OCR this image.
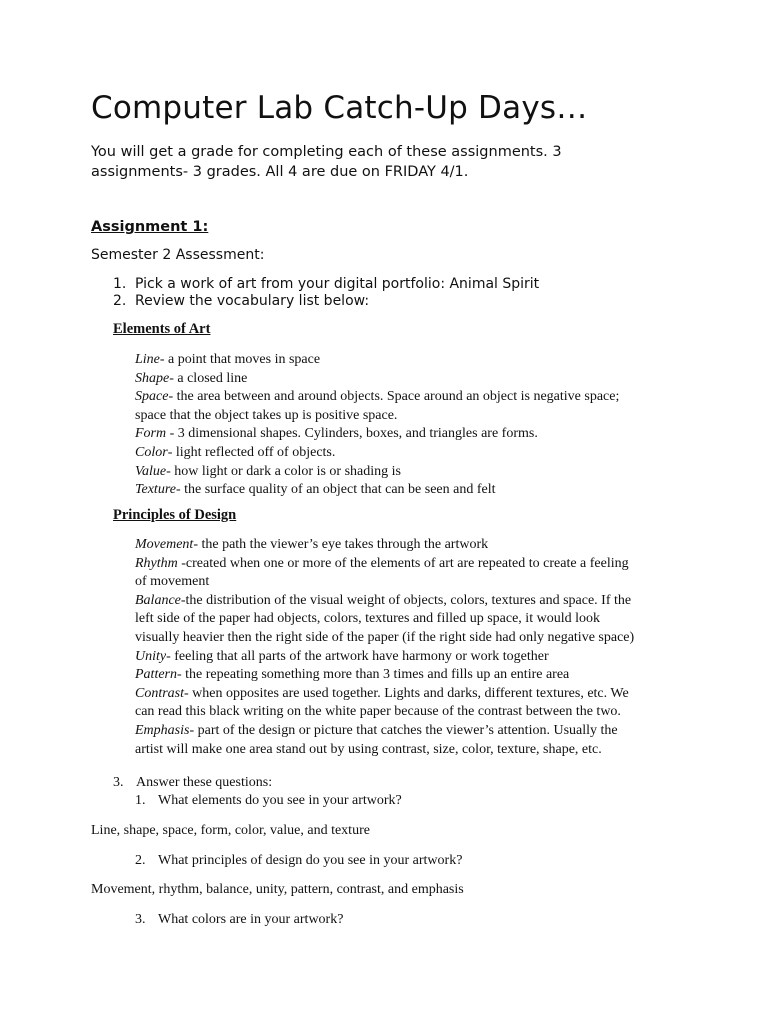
Computer Lab Catch-Up Days…
You will get a grade for completing each of these assignments. 3
assignments- 3 grades. All 4 are due on FRIDAY 4/1.
Assignment 1:
Semester 2 Assessment:
1. Pick a work of art from your digital portfolio: Animal Spirit
2. Review the vocabulary list below:
Elements of Art
Line- a point that moves in space
Shape- a closed line
Space- the area between and around objects. Space around an object is negative space;
space that the object takes up is positive space.
Form - 3 dimensional shapes. Cylinders, boxes, and triangles are forms.
Color- light reflected off of objects.
Value- how light or dark a color is or shading is
Texture- the surface quality of an object that can be seen and felt
Principles of Design
Movement- the path the viewer’s eye takes through the artwork
Rhythm -created when one or more of the elements of art are repeated to create a feeling
of movement
Balance-the distribution of the visual weight of objects, colors, textures and space. If the
left side of the paper had objects, colors, textures and filled up space, it would look
visually heavier then the right side of the paper (if the right side had only negative space)
Unity- feeling that all parts of the artwork have harmony or work together
Pattern- the repeating something more than 3 times and fills up an entire area
Contrast- when opposites are used together. Lights and darks, different textures, etc. We
can read this black writing on the white paper because of the contrast between the two.
Emphasis- part of the design or picture that catches the viewer’s attention. Usually the
artist will make one area stand out by using contrast, size, color, texture, shape, etc.
3. Answer these questions:
1. What elements do you see in your artwork?
Line, shape, space, form, color, value, and texture
2. What principles of design do you see in your artwork?
Movement, rhythm, balance, unity, pattern, contrast, and emphasis
3. What colors are in your artwork?
